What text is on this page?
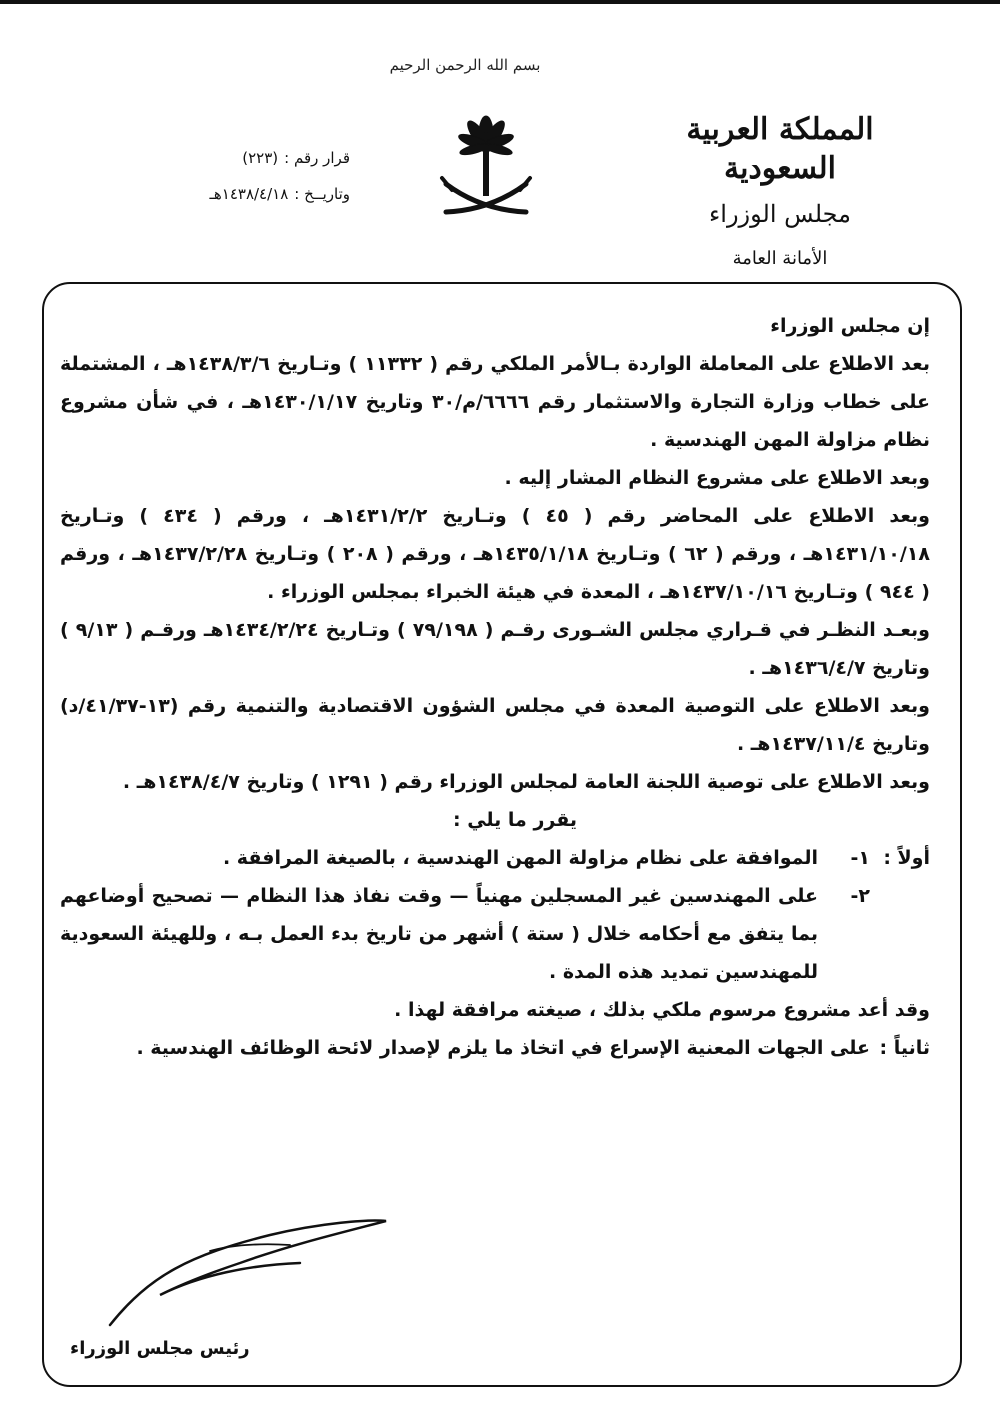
بسم الله الرحمن الرحيم
المملكة العربية السعودية
مجلس الوزراء
الأمانة العامة
قرار رقم :
(٢٢٣)
وتاريــخ :
١٤٣٨/٤/١٨هـ

إن مجلس الوزراء

بعد الاطلاع على المعاملة الواردة بـالأمر الملكي رقم ( ١١٣٣٢ ) وتـاريخ ١٤٣٨/٣/٦هـ ، المشتملة على خطاب وزارة التجارة والاستثمار رقم ٦٦٦٦/م/٣٠ وتاريخ ١٤٣٠/١/١٧هـ ، في شأن مشروع نظام مزاولة المهن الهندسية .

وبعد الاطلاع على مشروع النظام المشار إليه .

وبعد الاطلاع على المحاضر رقم ( ٤٥ ) وتـاريخ ١٤٣١/٢/٢هـ ، ورقم ( ٤٣٤ ) وتـاريخ ١٤٣١/١٠/١٨هـ ، ورقم ( ٦٢ ) وتـاريخ ١٤٣٥/١/١٨هـ ، ورقم ( ٢٠٨ ) وتـاريخ ١٤٣٧/٢/٢٨هـ ، ورقم ( ٩٤٤ ) وتـاريخ ١٤٣٧/١٠/١٦هـ ، المعدة في هيئة الخبراء بمجلس الوزراء .

وبعـد النظـر في قـراري مجلس الشـورى رقـم ( ٧٩/١٩٨ ) وتـاريخ ١٤٣٤/٢/٢٤هـ ورقـم ( ٩/١٣ ) وتاريخ ١٤٣٦/٤/٧هـ .

وبعد الاطلاع على التوصية المعدة في مجلس الشؤون الاقتصادية والتنمية رقم (١٣-٤١/٣٧/د) وتاريخ ١٤٣٧/١١/٤هـ .

وبعد الاطلاع على توصية اللجنة العامة لمجلس الوزراء رقم ( ١٢٩١ ) وتاريخ ١٤٣٨/٤/٧هـ .

يقرر ما يلي :

أولاً :
١-
الموافقة على نظام مزاولة المهن الهندسية ، بالصيغة المرافقة .
٢-
على المهندسين غير المسجلين مهنياً — وقت نفاذ هذا النظام — تصحيح أوضاعهم بما يتفق مع أحكامه خلال ( ستة ) أشهر من تاريخ بدء العمل بـه ، وللهيئة السعودية للمهندسين تمديد هذه المدة .

وقد أعد مشروع مرسوم ملكي بذلك ، صيغته مرافقة لهذا .

ثانياً :
على الجهات المعنية الإسراع في اتخاذ ما يلزم لإصدار لائحة الوظائف الهندسية .
رئيس مجلس الوزراء
